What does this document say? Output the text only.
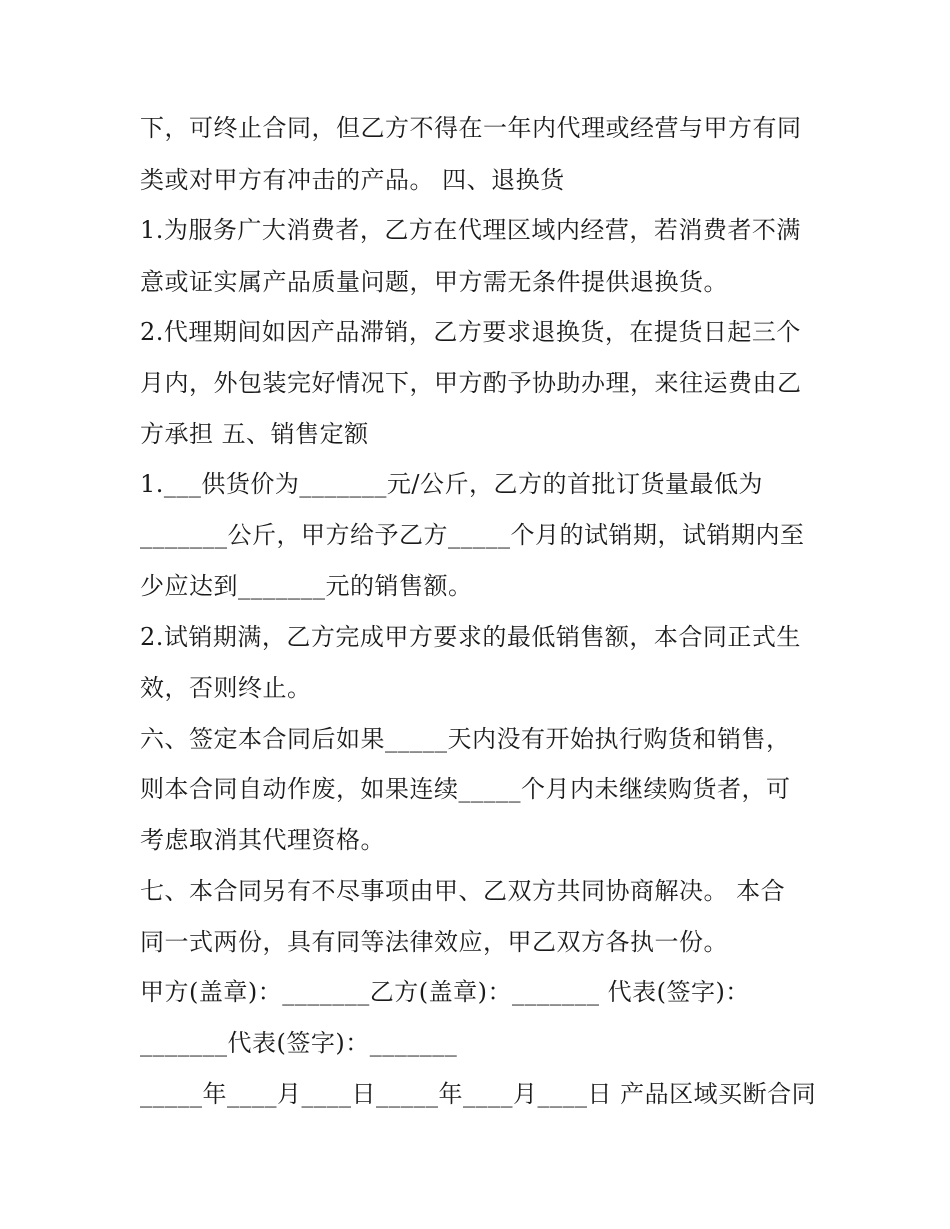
下，可终止合同，但乙方不得在一年内代理或经营与甲方有同
类或对甲方有冲击的产品。 四、退换货
1.为服务广大消费者，乙方在代理区域内经营，若消费者不满
意或证实属产品质量问题，甲方需无条件提供退换货。
2.代理期间如因产品滞销，乙方要求退换货，在提货日起三个
月内，外包装完好情况下，甲方酌予协助办理，来往运费由乙
方承担 五、销售定额
1.___供货价为_______元/公斤，乙方的首批订货量最低为
_______公斤，甲方给予乙方_____个月的试销期，试销期内至
少应达到_______元的销售额。
2.试销期满，乙方完成甲方要求的最低销售额，本合同正式生
效，否则终止。
六、签定本合同后如果_____天内没有开始执行购货和销售，
则本合同自动作废，如果连续_____个月内未继续购货者，可
考虑取消其代理资格。
七、本合同另有不尽事项由甲、乙双方共同协商解决。 本合
同一式两份，具有同等法律效应，甲乙双方各执一份。
甲方(盖章)：_______乙方(盖章)：_______ 代表(签字)：
_______代表(签字)：_______
_____年____月____日_____年____月____日 产品区域买断合同
